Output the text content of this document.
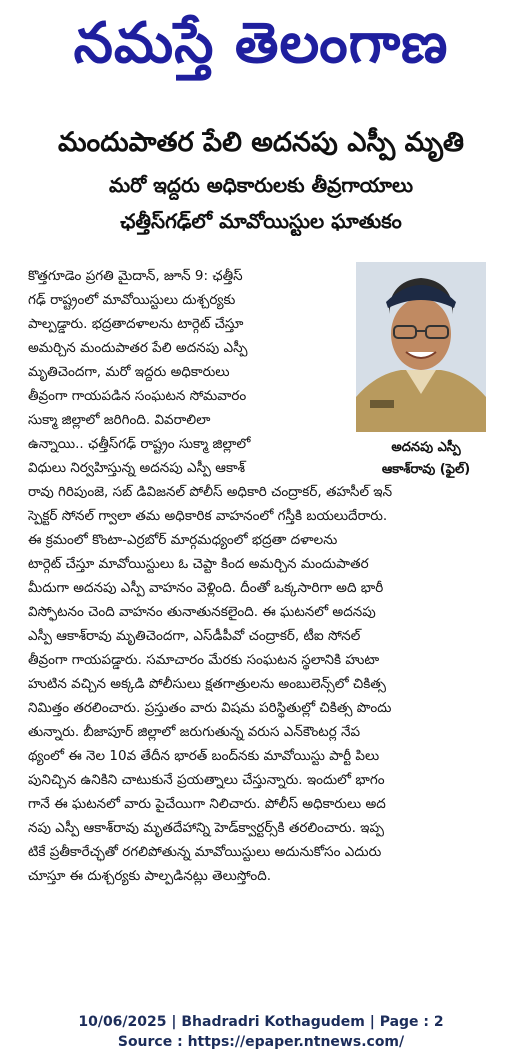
నమస్తే తెలంగాణ
మందుపాతర పేలి అదనపు ఎస్పీ మృతి
మరో ఇద్దరు అధికారులకు తీవ్రగాయాలు
ఛత్తీస్‌గఢ్‌లో మావోయిస్టుల ఘాతుకం
అదనపు ఎస్పీ
ఆకాశ్‌రావు (ఫైల్)
కొత్తగూడెం ప్రగతి మైదాన్, జూన్ 9: ఛత్తీస్
గఢ్ రాష్ట్రంలో మావోయిస్టులు దుశ్చర్యకు
పాల్పడ్డారు. భద్రతాదళాలను టార్గెట్ చేస్తూ
అమర్చిన మందుపాతర పేలి అదనపు ఎస్పీ
మృతిచెందగా, మరో ఇద్దరు అధికారులు
తీవ్రంగా గాయపడిన సంఘటన సోమవారం
సుక్మా జిల్లాలో జరిగింది. వివరాలిలా
ఉన్నాయి.. ఛత్తీస్‌గఢ్ రాష్ట్రం సుక్మా జిల్లాలో
విధులు నిర్వహిస్తున్న అదనపు ఎస్పీ ఆకాశ్
రావు గిరిపుంజె, సబ్ డివిజనల్ పోలీస్ అధికారి చంద్రాకర్, తహసీల్ ఇన్
స్పెక్టర్ సోనల్ గ్వాలా తమ అధికారిక వాహనంలో గస్తీకి బయలుదేరారు.
ఈ క్రమంలో కొంటా-ఎర్రబోర్ మార్గమధ్యంలో భద్రతా దళాలను
టార్గెట్ చేస్తూ మావోయిస్టులు ఓ చెప్టా కింద అమర్చిన మందుపాతర
మీదుగా అదనపు ఎస్పీ వాహనం వెళ్లింది. దీంతో ఒక్కసారిగా అది భారీ
విస్ఫోటనం చెంది వాహనం తునాతునకలైంది. ఈ ఘటనలో అదనపు
ఎస్పీ ఆకాశ్‌రావు మృతిచెందగా, ఎస్‌డీపీవో చంద్రాకర్, టీఐ సోనల్
తీవ్రంగా గాయపడ్డారు. సమాచారం మేరకు సంఘటన స్థలానికి హుటా
హుటిన వచ్చిన అక్కడి పోలీసులు క్షతగాత్రులను అంబులెన్స్‌లో చికిత్స
నిమిత్తం తరలించారు. ప్రస్తుతం వారు విషమ పరిస్థితుల్లో చికిత్స పొందు
తున్నారు. బీజాపూర్ జిల్లాలో జరుగుతున్న వరుస ఎన్‌కౌంటర్ల నేప
థ్యంలో ఈ నెల 10వ తేదీన భారత్ బంద్‌నకు మావోయిస్టు పార్టీ పిలు
పునిచ్చిన ఉనికిని చాటుకునే ప్రయత్నాలు చేస్తున్నారు. ఇందులో భాగం
గానే ఈ ఘటనలో వారు పైచేయిగా నిలిచారు. పోలీస్ అధికారులు అద
నపు ఎస్పీ ఆకాశ్‌రావు మృతదేహాన్ని హెడ్‌క్వార్టర్స్‌కి తరలించారు. ఇప్ప
టికే ప్రతీకారేచ్ఛతో రగలిపోతున్న మావోయిస్టులు అదునుకోసం ఎదురు
చూస్తూ ఈ దుశ్చర్యకు పాల్పడినట్లు తెలుస్తోంది.
10/06/2025 | Bhadradri Kothagudem | Page : 2
Source : https://epaper.ntnews.com/
